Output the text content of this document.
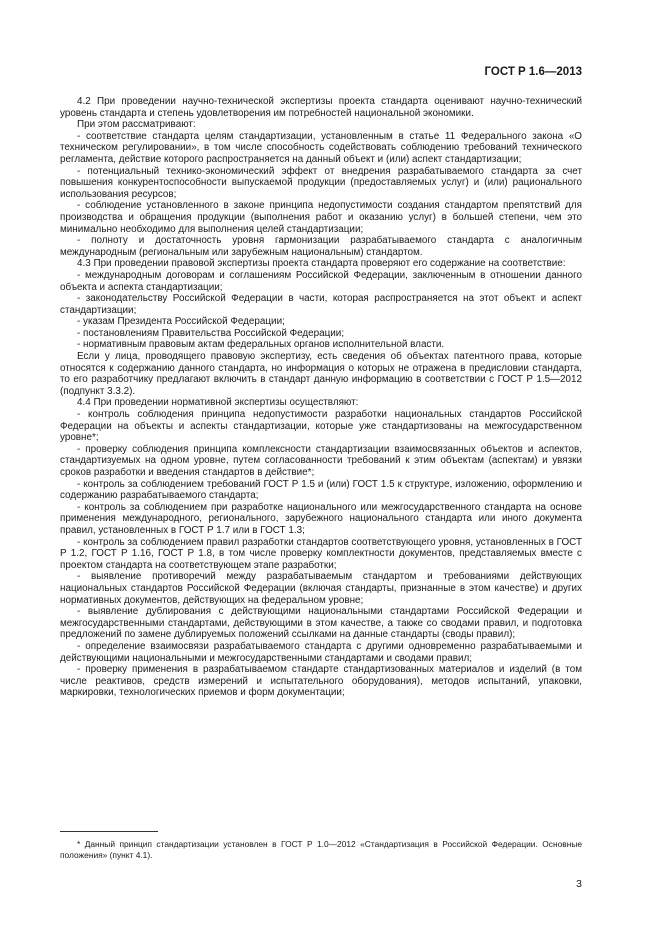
ГОСТ Р 1.6—2013

4.2 При проведении научно-технической экспертизы проекта стандарта оценивают научно-технический уровень стандарта и степень удовлетворения им потребностей национальной экономики.

При этом рассматривают:

- соответствие стандарта целям стандартизации, установленным в статье 11 Федерального закона «О техническом регулировании», в том числе способность содействовать соблюдению требований технического регламента, действие которого распространяется на данный объект и (или) аспект стандартизации;

- потенциальный технико-экономический эффект от внедрения разрабатываемого стандарта за счет повышения конкурентоспособности выпускаемой продукции (предоставляемых услуг) и (или) рационального использования ресурсов;

- соблюдение установленного в законе принципа недопустимости создания стандартом препятствий для производства и обращения продукции (выполнения работ и оказанию услуг) в большей степени, чем это минимально необходимо для выполнения целей стандартизации;

- полноту и достаточность уровня гармонизации разрабатываемого стандарта с аналогичным международным (региональным или зарубежным национальным) стандартом.

4.3 При проведении правовой экспертизы проекта стандарта проверяют его содержание на соответствие:

- международным договорам и соглашениям Российской Федерации, заключенным в отношении данного объекта и аспекта стандартизации;

- законодательству Российской Федерации в части, которая распространяется на этот объект и аспект стандартизации;

- указам Президента Российской Федерации;

- постановлениям Правительства Российской Федерации;

- нормативным правовым актам федеральных органов исполнительной власти.

Если у лица, проводящего правовую экспертизу, есть сведения об объектах патентного права, которые относятся к содержанию данного стандарта, но информация о которых не отражена в предисловии стандарта, то его разработчику предлагают включить в стандарт данную информацию в соответствии с ГОСТ Р 1.5—2012 (подпункт 3.3.2).

4.4 При проведении нормативной экспертизы осуществляют:

- контроль соблюдения принципа недопустимости разработки национальных стандартов Российской Федерации на объекты и аспекты стандартизации, которые уже стандартизованы на межгосударственном уровне*;

- проверку соблюдения принципа комплексности стандартизации взаимосвязанных объектов и аспектов, стандартизуемых на одном уровне, путем согласованности требований к этим объектам (аспектам) и увязки сроков разработки и введения стандартов в действие*;

- контроль за соблюдением требований ГОСТ Р 1.5 и (или) ГОСТ 1.5 к структуре, изложению, оформлению и содержанию разрабатываемого стандарта;

- контроль за соблюдением при разработке национального или межгосударственного стандарта на основе применения международного, регионального, зарубежного национального стандарта или иного документа правил, установленных в ГОСТ Р 1.7 или в ГОСТ 1.3;

- контроль за соблюдением правил разработки стандартов соответствующего уровня, установленных в ГОСТ Р 1.2, ГОСТ Р 1.16, ГОСТ Р 1.8, в том числе проверку комплектности документов, представляемых вместе с проектом стандарта на соответствующем этапе разработки;

- выявление противоречий между разрабатываемым стандартом и требованиями действующих национальных стандартов Российской Федерации (включая стандарты, признанные в этом качестве) и других нормативных документов, действующих на федеральном уровне;

- выявление дублирования с действующими национальными стандартами Российской Федерации и межгосударственными стандартами, действующими в этом качестве, а также со сводами правил, и подготовка предложений по замене дублируемых положений ссылками на данные стандарты (своды правил);

- определение взаимосвязи разрабатываемого стандарта с другими одновременно разрабатываемыми и действующими национальными и межгосударственными стандартами и сводами правил;

- проверку применения в разрабатываемом стандарте стандартизованных материалов и изделий (в том числе реактивов, средств измерений и испытательного оборудования), методов испытаний, упаковки, маркировки, технологических приемов и форм документации;

* Данный принцип стандартизации установлен в ГОСТ Р 1.0—2012 «Стандартизация в Российской Федерации. Основные положения» (пункт 4.1).

3
